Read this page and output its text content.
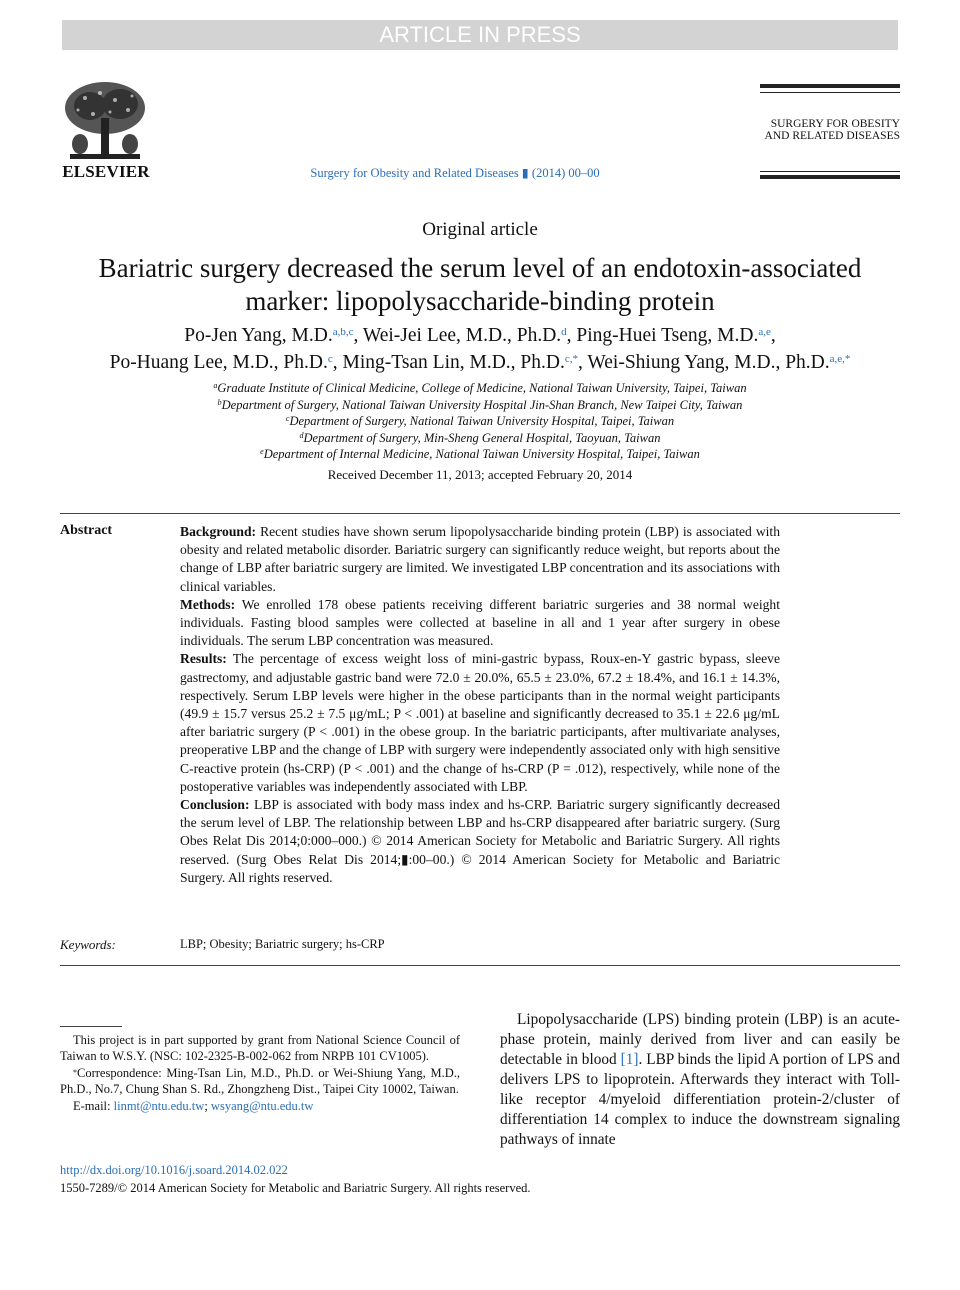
ARTICLE IN PRESS
ELSEVIER	Surgery for Obesity and Related Diseases ▮ (2014) 00–00
SURGERY FOR OBESITY
AND RELATED DISEASES
Original article
Bariatric surgery decreased the serum level of an endotoxin-associated marker: lipopolysaccharide-binding protein
Po-Jen Yang, M.D.$^{a,b,c}$, Wei-Jei Lee, M.D., Ph.D.$^d$, Ping-Huei Tseng, M.D.$^{a,e}$,
Po-Huang Lee, M.D., Ph.D.$^c$, Ming-Tsan Lin, M.D., Ph.D.$^{c,*}$, Wei-Shiung Yang, M.D., Ph.D.$^{a,e,*}$
$^a$Graduate Institute of Clinical Medicine, College of Medicine, National Taiwan University, Taipei, Taiwan
$^b$Department of Surgery, National Taiwan University Hospital Jin-Shan Branch, New Taipei City, Taiwan
$^c$Department of Surgery, National Taiwan University Hospital, Taipei, Taiwan
$^d$Department of Surgery, Min-Sheng General Hospital, Taoyuan, Taiwan
$^e$Department of Internal Medicine, National Taiwan University Hospital, Taipei, Taiwan
Received December 11, 2013; accepted February 20, 2014
Abstract	Background: Recent studies have shown serum lipopolysaccharide binding protein (LBP) is associated with obesity and related metabolic disorder. Bariatric surgery can significantly reduce weight, but reports about the change of LBP after bariatric surgery are limited. We investigated LBP concentration and its associations with clinical variables.

Methods: We enrolled 178 obese patients receiving different bariatric surgeries and 38 normal weight individuals. Fasting blood samples were collected at baseline in all and 1 year after surgery in obese individuals. The serum LBP concentration was measured.

Results: The percentage of excess weight loss of mini-gastric bypass, Roux-en-Y gastric bypass, sleeve gastrectomy, and adjustable gastric band were 72.0 ± 20.0%, 65.5 ± 23.0%, 67.2 ± 18.4%, and 16.1 ± 14.3%, respectively. Serum LBP levels were higher in the obese participants than in the normal weight participants (49.9 ± 15.7 versus 25.2 ± 7.5 μg/mL; P < .001) at baseline and significantly decreased to 35.1 ± 22.6 μg/mL after bariatric surgery (P < .001) in the obese group. In the bariatric participants, after multivariate analyses, preoperative LBP and the change of LBP with surgery were independently associated only with high sensitive C-reactive protein (hs-CRP) (P < .001) and the change of hs-CRP (P = .012), respectively, while none of the postoperative variables was independently associated with LBP.

Conclusion: LBP is associated with body mass index and hs-CRP. Bariatric surgery significantly decreased the serum level of LBP. The relationship between LBP and hs-CRP disappeared after bariatric surgery. (Surg Obes Relat Dis 2014;0:000–000.) © 2014 American Society for Metabolic and Bariatric Surgery. All rights reserved. (Surg Obes Relat Dis 2014;▮:00–00.) © 2014 American Society for Metabolic and Bariatric Surgery. All rights reserved.

Keywords:	LBP; Obesity; Bariatric surgery; hs-CRP

This project is in part supported by grant from National Science Council of Taiwan to W.S.Y. (NSC: 102-2325-B-002-062 from NRPB 101 CV1005).

*Correspondence: Ming-Tsan Lin, M.D., Ph.D. or Wei-Shiung Yang, M.D., Ph.D., No.7, Chung Shan S. Rd., Zhongzheng Dist., Taipei City 10002, Taiwan.

E-mail: linmt@ntu.edu.tw; wsyang@ntu.edu.tw

Lipopolysaccharide (LPS) binding protein (LBP) is an acute-phase protein, mainly derived from liver and can easily be detectable in blood [1]. LBP binds the lipid A portion of LPS and delivers LPS to lipoprotein. Afterwards they interact with Toll-like receptor 4/myeloid differentiation protein-2/cluster of differentiation 14 complex to induce the downstream signaling pathways of innate

http://dx.doi.org/10.1016/j.soard.2014.02.022
1550-7289/© 2014 American Society for Metabolic and Bariatric Surgery. All rights reserved.
